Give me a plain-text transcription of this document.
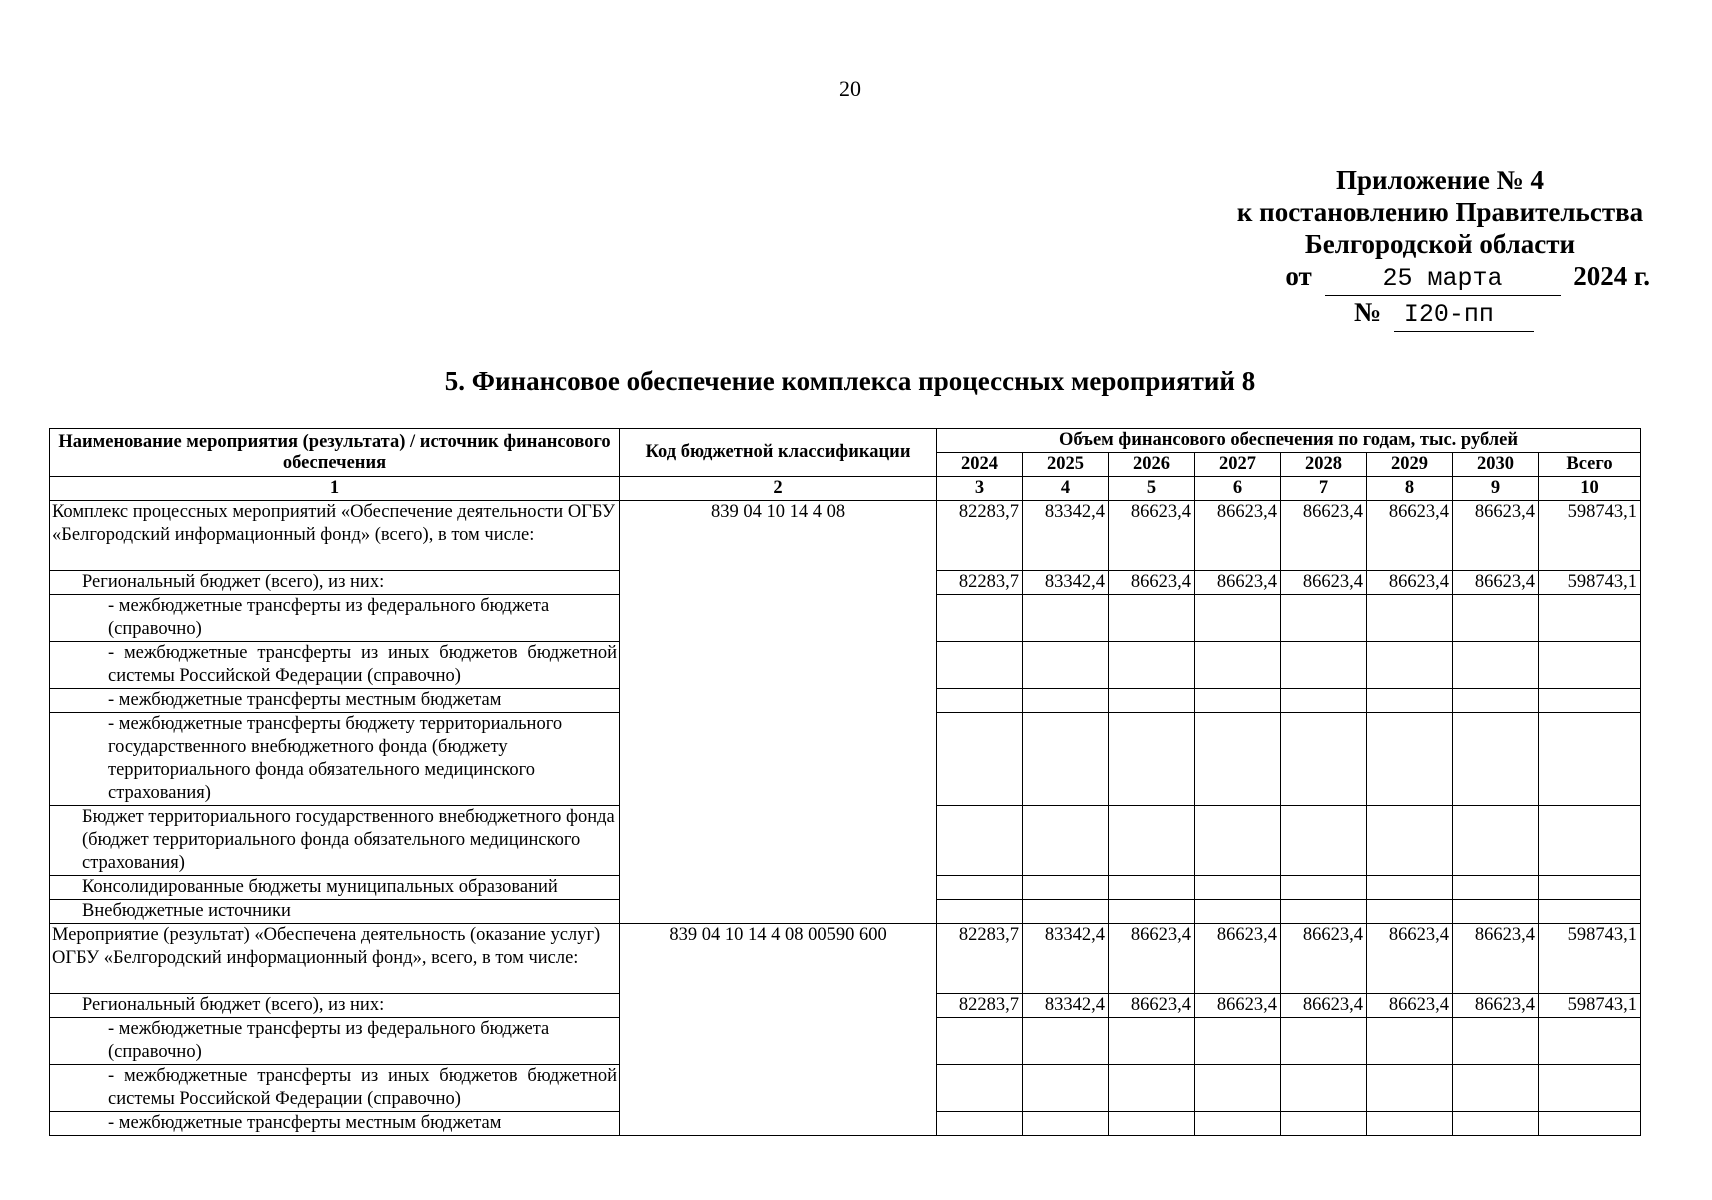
20
Приложение № 4
к постановлению Правительства
Белгородской области
от	25 марта	2024 г.
№ I20-пп
5. Финансовое обеспечение комплекса процессных мероприятий 8
Наименование мероприятия (результата) / источник финансового обеспечения	Код бюджетной классификации	Объем финансового обеспечения по годам, тыс. рублей							
		2024	2025	2026	2027	2028	2029	2030	Всего
1	2	3	4	5	6	7	8	9	10
Комплекс процессных мероприятий «Обеспечение деятельности ОГБУ «Белгородский информационный фонд» (всего), в том числе:	839 04 10 14 4 08	82283,7	83342,4	86623,4	86623,4	86623,4	86623,4	86623,4	598743,1
Региональный бюджет (всего), из них:		82283,7	83342,4	86623,4	86623,4	86623,4	86623,4	86623,4	598743,1
- межбюджетные трансферты из федерального бюджета (справочно)									
- межбюджетные трансферты из иных бюджетов бюджетной системы Российской Федерации (справочно)									
- межбюджетные трансферты местным бюджетам									
- межбюджетные трансферты бюджету территориального государственного внебюджетного фонда (бюджету территориального фонда обязательного медицинского страхования)									
Бюджет территориального государственного внебюджетного фонда (бюджет территориального фонда обязательного медицинского страхования)									
Консолидированные бюджеты муниципальных образований									
Внебюджетные источники									
Мероприятие (результат) «Обеспечена деятельность (оказание услуг) ОГБУ «Белгородский информационный фонд», всего, в том числе:	839 04 10 14 4 08 00590 600	82283,7	83342,4	86623,4	86623,4	86623,4	86623,4	86623,4	598743,1
Региональный бюджет (всего), из них:		82283,7	83342,4	86623,4	86623,4	86623,4	86623,4	86623,4	598743,1
- межбюджетные трансферты из федерального бюджета (справочно)									
- межбюджетные трансферты из иных бюджетов бюджетной системы Российской Федерации (справочно)									
- межбюджетные трансферты местным бюджетам									
